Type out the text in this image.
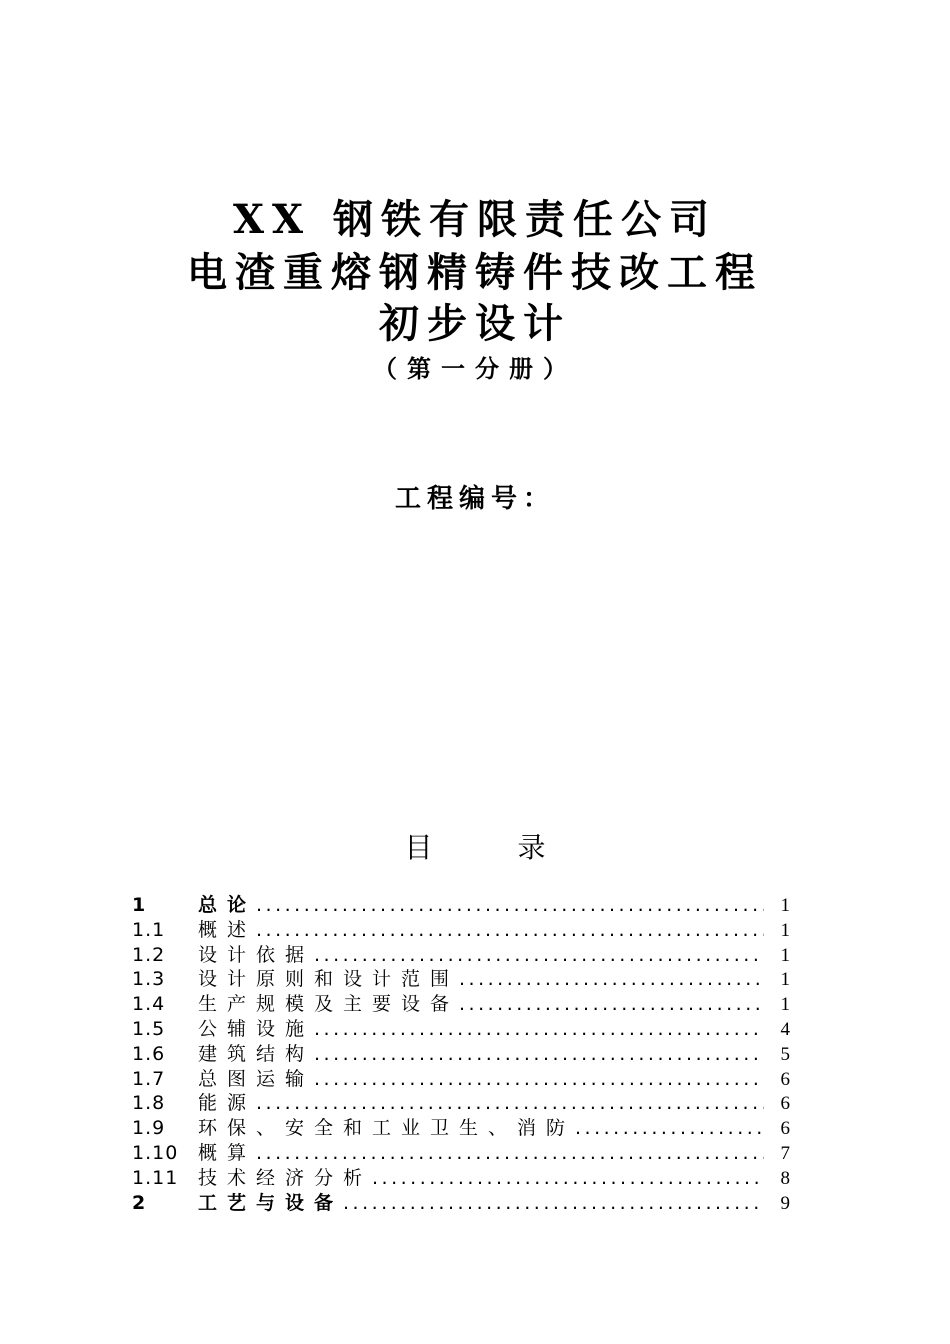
XX 钢铁有限责任公司
电渣重熔钢精铸件技改工程
初步设计
（第一分册）
工程编号：
目	录
1	总论 .....	1
1.1	概述 .....	1
1.2	设计依据 .....	1
1.3	设计原则和设计范围 .....	1
1.4	生产规模及主要设备 .....	1
1.5	公辅设施 .....	4
1.6	建筑结构 .....	5
1.7	总图运输 .....	6
1.8	能源 .....	6
1.9	环保、安全和工业卫生、消防 .....	6
1.10	概算 .....	7
1.11	技术经济分析 .....	8
2	工艺与设备 .....	9
